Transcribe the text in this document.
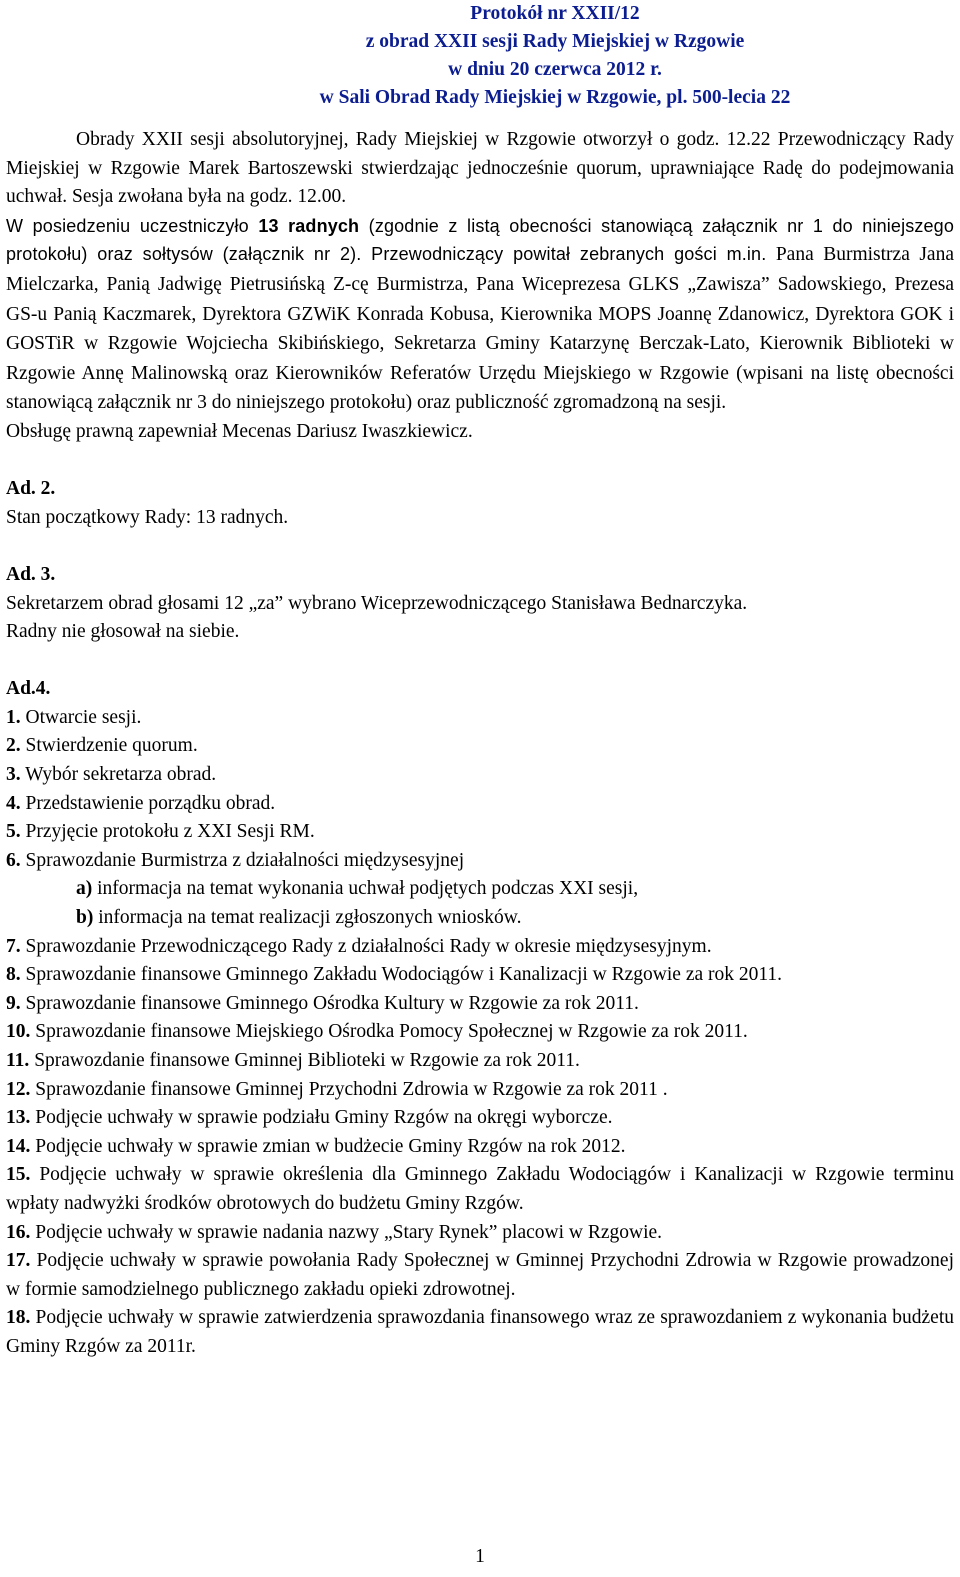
Protokół nr XXII/12
z obrad XXII sesji Rady Miejskiej w Rzgowie
w dniu 20 czerwca 2012 r.
w Sali Obrad Rady Miejskiej w Rzgowie, pl. 500-lecia 22

Obrady XXII sesji absolutoryjnej, Rady Miejskiej w Rzgowie otworzył o godz. 12.22 Przewodniczący Rady Miejskiej w Rzgowie Marek Bartoszewski stwierdzając jednocześnie quorum, uprawniające Radę do podejmowania uchwał. Sesja zwołana była na godz. 12.00.

W posiedzeniu uczestniczyło 13 radnych (zgodnie z listą obecności stanowiącą załącznik nr 1 do niniejszego protokołu) oraz sołtysów (załącznik nr 2). Przewodniczący powitał zebranych gości m.in. Pana Burmistrza Jana Mielczarka, Panią Jadwigę Pietrusińską Z-cę Burmistrza, Pana Wiceprezesa GLKS „Zawisza” Sadowskiego, Prezesa GS-u Panią Kaczmarek, Dyrektora GZWiK Konrada Kobusa, Kierownika MOPS Joannę Zdanowicz, Dyrektora GOK i GOSTiR w Rzgowie Wojciecha Skibińskiego, Sekretarza Gminy Katarzynę Berczak-Lato, Kierownik Biblioteki w Rzgowie Annę Malinowską oraz Kierowników Referatów Urzędu Miejskiego w Rzgowie (wpisani na listę obecności stanowiącą załącznik nr 3 do niniejszego protokołu) oraz publiczność zgromadzoną na sesji.

Obsługę prawną zapewniał Mecenas Dariusz Iwaszkiewicz.

Ad. 2.
Stan początkowy Rady: 13 radnych.
Ad. 3.
Sekretarzem obrad głosami 12 „za” wybrano Wiceprzewodniczącego Stanisława Bednarczyka.
Radny nie głosował na siebie.
Ad.4.
1. Otwarcie sesji.
2. Stwierdzenie quorum.
3. Wybór sekretarza obrad.
4. Przedstawienie porządku obrad.
5. Przyjęcie protokołu z XXI Sesji RM.
6. Sprawozdanie Burmistrza z działalności międzysesyjnej
a) informacja na temat wykonania uchwał podjętych podczas XXI sesji,
b) informacja na temat realizacji zgłoszonych wniosków.
7. Sprawozdanie Przewodniczącego Rady z działalności Rady w okresie międzysesyjnym.
8. Sprawozdanie finansowe Gminnego Zakładu Wodociągów i Kanalizacji w Rzgowie za rok 2011.
9. Sprawozdanie finansowe Gminnego Ośrodka Kultury w Rzgowie za rok 2011.
10. Sprawozdanie finansowe Miejskiego Ośrodka Pomocy Społecznej w Rzgowie za rok 2011.
11. Sprawozdanie finansowe Gminnej Biblioteki w Rzgowie za rok 2011.
12. Sprawozdanie finansowe Gminnej Przychodni Zdrowia w Rzgowie za rok 2011 .
13. Podjęcie uchwały w sprawie podziału Gminy Rzgów na okręgi wyborcze.
14. Podjęcie uchwały w sprawie zmian w budżecie Gminy Rzgów na rok 2012.
15. Podjęcie uchwały w sprawie określenia dla Gminnego Zakładu Wodociągów i Kanalizacji w Rzgowie terminu wpłaty nadwyżki środków obrotowych do budżetu Gminy Rzgów.
16. Podjęcie uchwały w sprawie nadania nazwy „Stary Rynek” placowi w Rzgowie.
17. Podjęcie uchwały w sprawie powołania Rady Społecznej w Gminnej Przychodni Zdrowia w Rzgowie prowadzonej w formie samodzielnego publicznego zakładu opieki zdrowotnej.
18. Podjęcie uchwały w sprawie zatwierdzenia sprawozdania finansowego wraz ze sprawozdaniem z wykonania budżetu Gminy Rzgów za 2011r.
1
